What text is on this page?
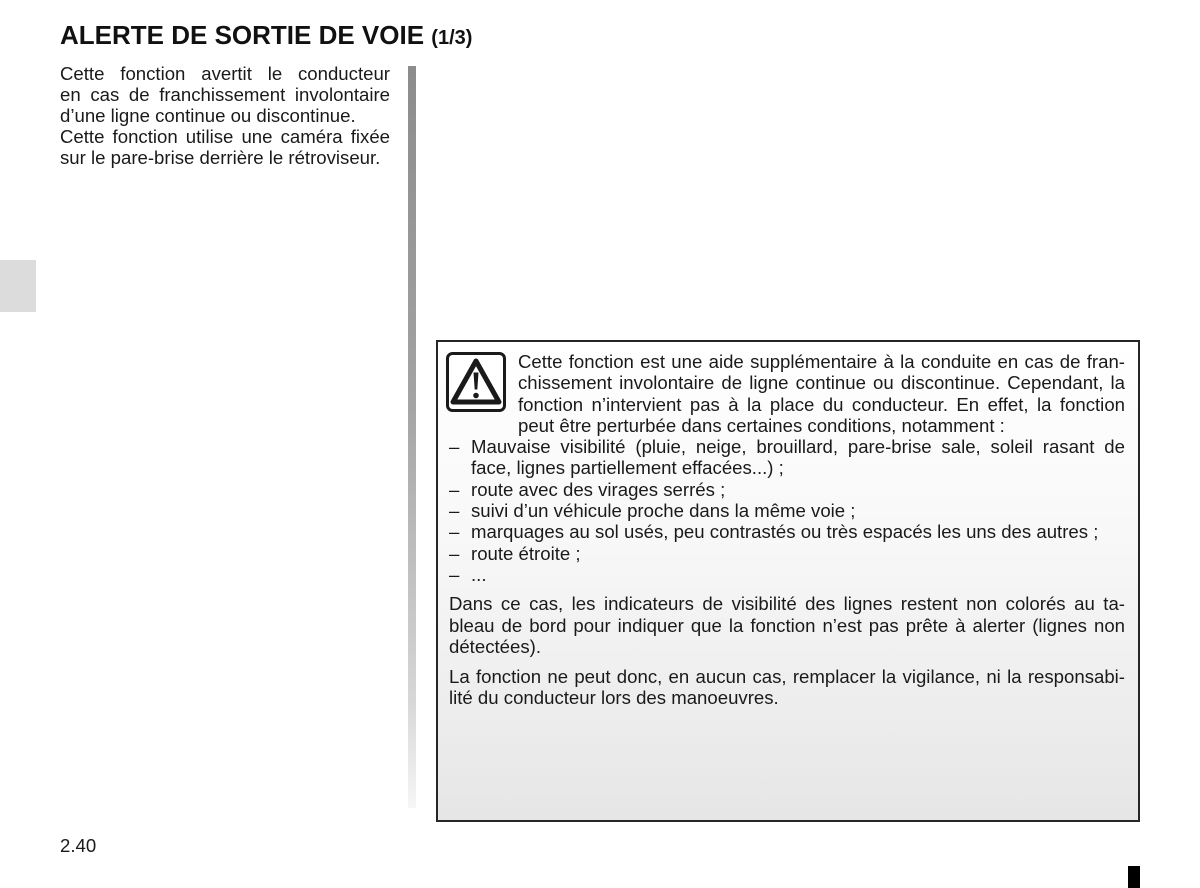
ALERTE DE SORTIE DE VOIE (1/3)

Cette fonction avertit le conducteur
en cas de franchissement involontaire
d’une ligne continue ou discontinue.

Cette fonction utilise une caméra fixée
sur le pare-brise derrière le rétroviseur.

Cette fonction est une aide supplémentaire à la conduite en cas de fran-
chissement involontaire de ligne continue ou discontinue. Cependant, la
fonction n’intervient pas à la place du conducteur. En effet, la fonction
peut être perturbée dans certaines conditions, notamment :

– Mauvaise visibilité (pluie, neige, brouillard, pare-brise sale, soleil rasant de
face, lignes partiellement effacées...) ;
– route avec des virages serrés ;
– suivi d’un véhicule proche dans la même voie ;
– marquages au sol usés, peu contrastés ou très espacés les uns des autres ;
– route étroite ;
– ...

Dans ce cas, les indicateurs de visibilité des lignes restent non colorés au ta-
bleau de bord pour indiquer que la fonction n’est pas prête à alerter (lignes non
détectées).

La fonction ne peut donc, en aucun cas, remplacer la vigilance, ni la responsabi-
lité du conducteur lors des manoeuvres.

2.40
